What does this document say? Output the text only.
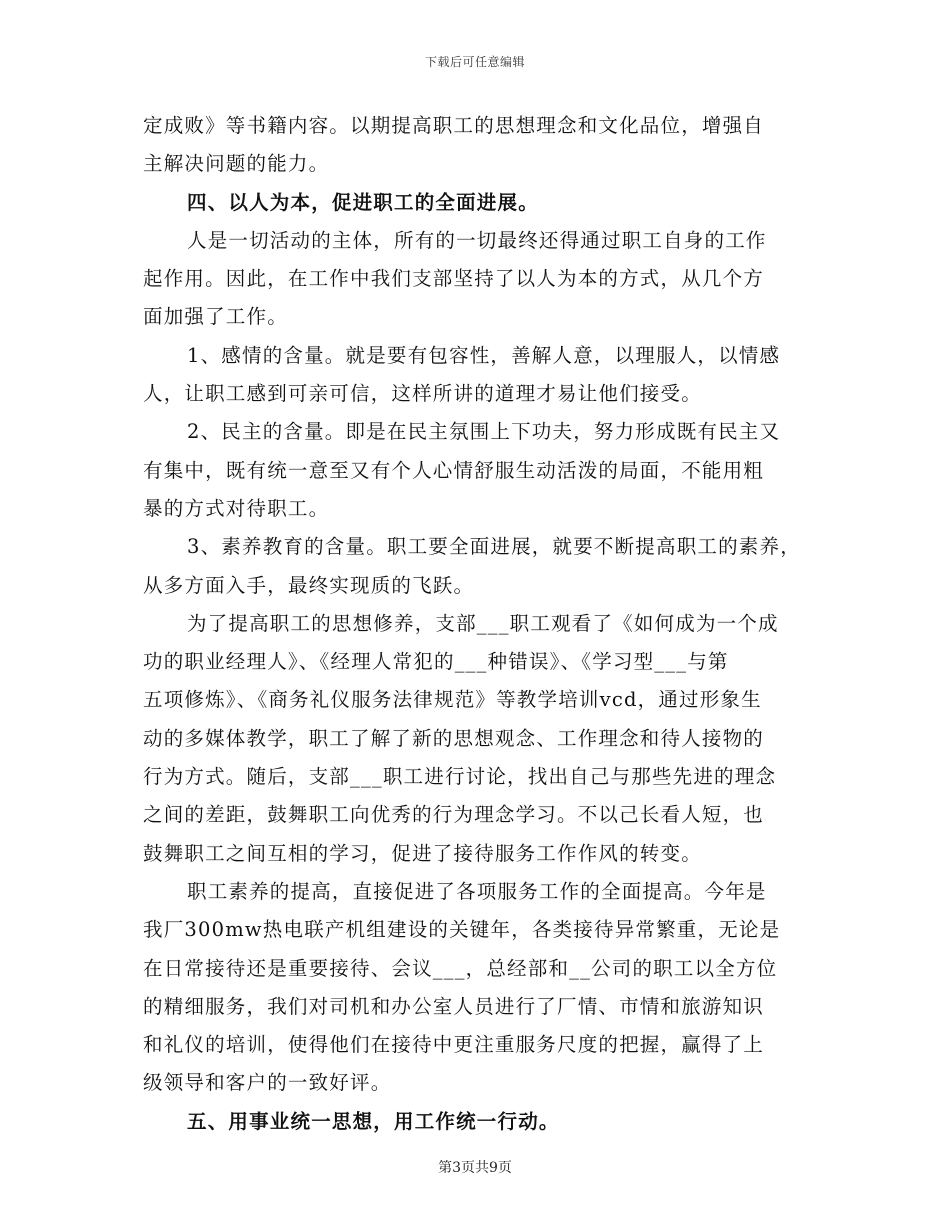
下载后可任意编辑
定成败》等书籍内容。以期提高职工的思想理念和文化品位，增强自
主解决问题的能力。
四、以人为本，促进职工的全面进展。
人是一切活动的主体，所有的一切最终还得通过职工自身的工作
起作用。因此，在工作中我们支部坚持了以人为本的方式，从几个方
面加强了工作。
1、感情的含量。就是要有包容性，善解人意，以理服人，以情感
人，让职工感到可亲可信，这样所讲的道理才易让他们接受。
2、民主的含量。即是在民主氛围上下功夫，努力形成既有民主又
有集中，既有统一意至又有个人心情舒服生动活泼的局面，不能用粗
暴的方式对待职工。
3、素养教育的含量。职工要全面进展，就要不断提高职工的素养，
从多方面入手，最终实现质的飞跃。
为了提高职工的思想修养，支部___职工观看了《如何成为一个成
功的职业经理人》、《经理人常犯的___种错误》、《学习型___与第
五项修炼》、《商务礼仪服务法律规范》等教学培训vcd，通过形象生
动的多媒体教学，职工了解了新的思想观念、工作理念和待人接物的
行为方式。随后，支部___职工进行讨论，找出自己与那些先进的理念
之间的差距，鼓舞职工向优秀的行为理念学习。不以己长看人短，也
鼓舞职工之间互相的学习，促进了接待服务工作作风的转变。
职工素养的提高，直接促进了各项服务工作的全面提高。今年是
我厂300mw热电联产机组建设的关键年，各类接待异常繁重，无论是
在日常接待还是重要接待、会议___，总经部和__公司的职工以全方位
的精细服务，我们对司机和办公室人员进行了厂情、市情和旅游知识
和礼仪的培训，使得他们在接待中更注重服务尺度的把握，赢得了上
级领导和客户的一致好评。
五、用事业统一思想，用工作统一行动。
第3页共9页
